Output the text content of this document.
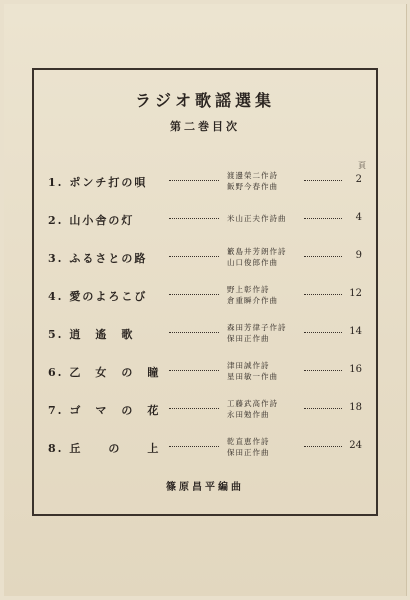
ラジオ歌謡選集
第二巻目次
頁
1. ポンチ打の唄
渡邊榮二作詩
飯野今春作曲
2
2. 山小舎の灯	米山正夫作詩曲	4
3. ふるさとの路
籔島井芳朗作詩
山口俊郎作曲
9
4. 愛のよろこび
野上彰作詩
倉重瞬介作曲
12
5. 逍　遙　歌
森田芳律子作詩
保田正作曲
14
6. 乙　女　の　瞳
津田誠作詩
星田敏一作曲
16
7. ゴ　マ　の　花
工藤武高作詩
永田勉作曲
18
8. 丘　　の　　上
乾直恵作詩
保田正作曲
24
篠原昌平編曲
